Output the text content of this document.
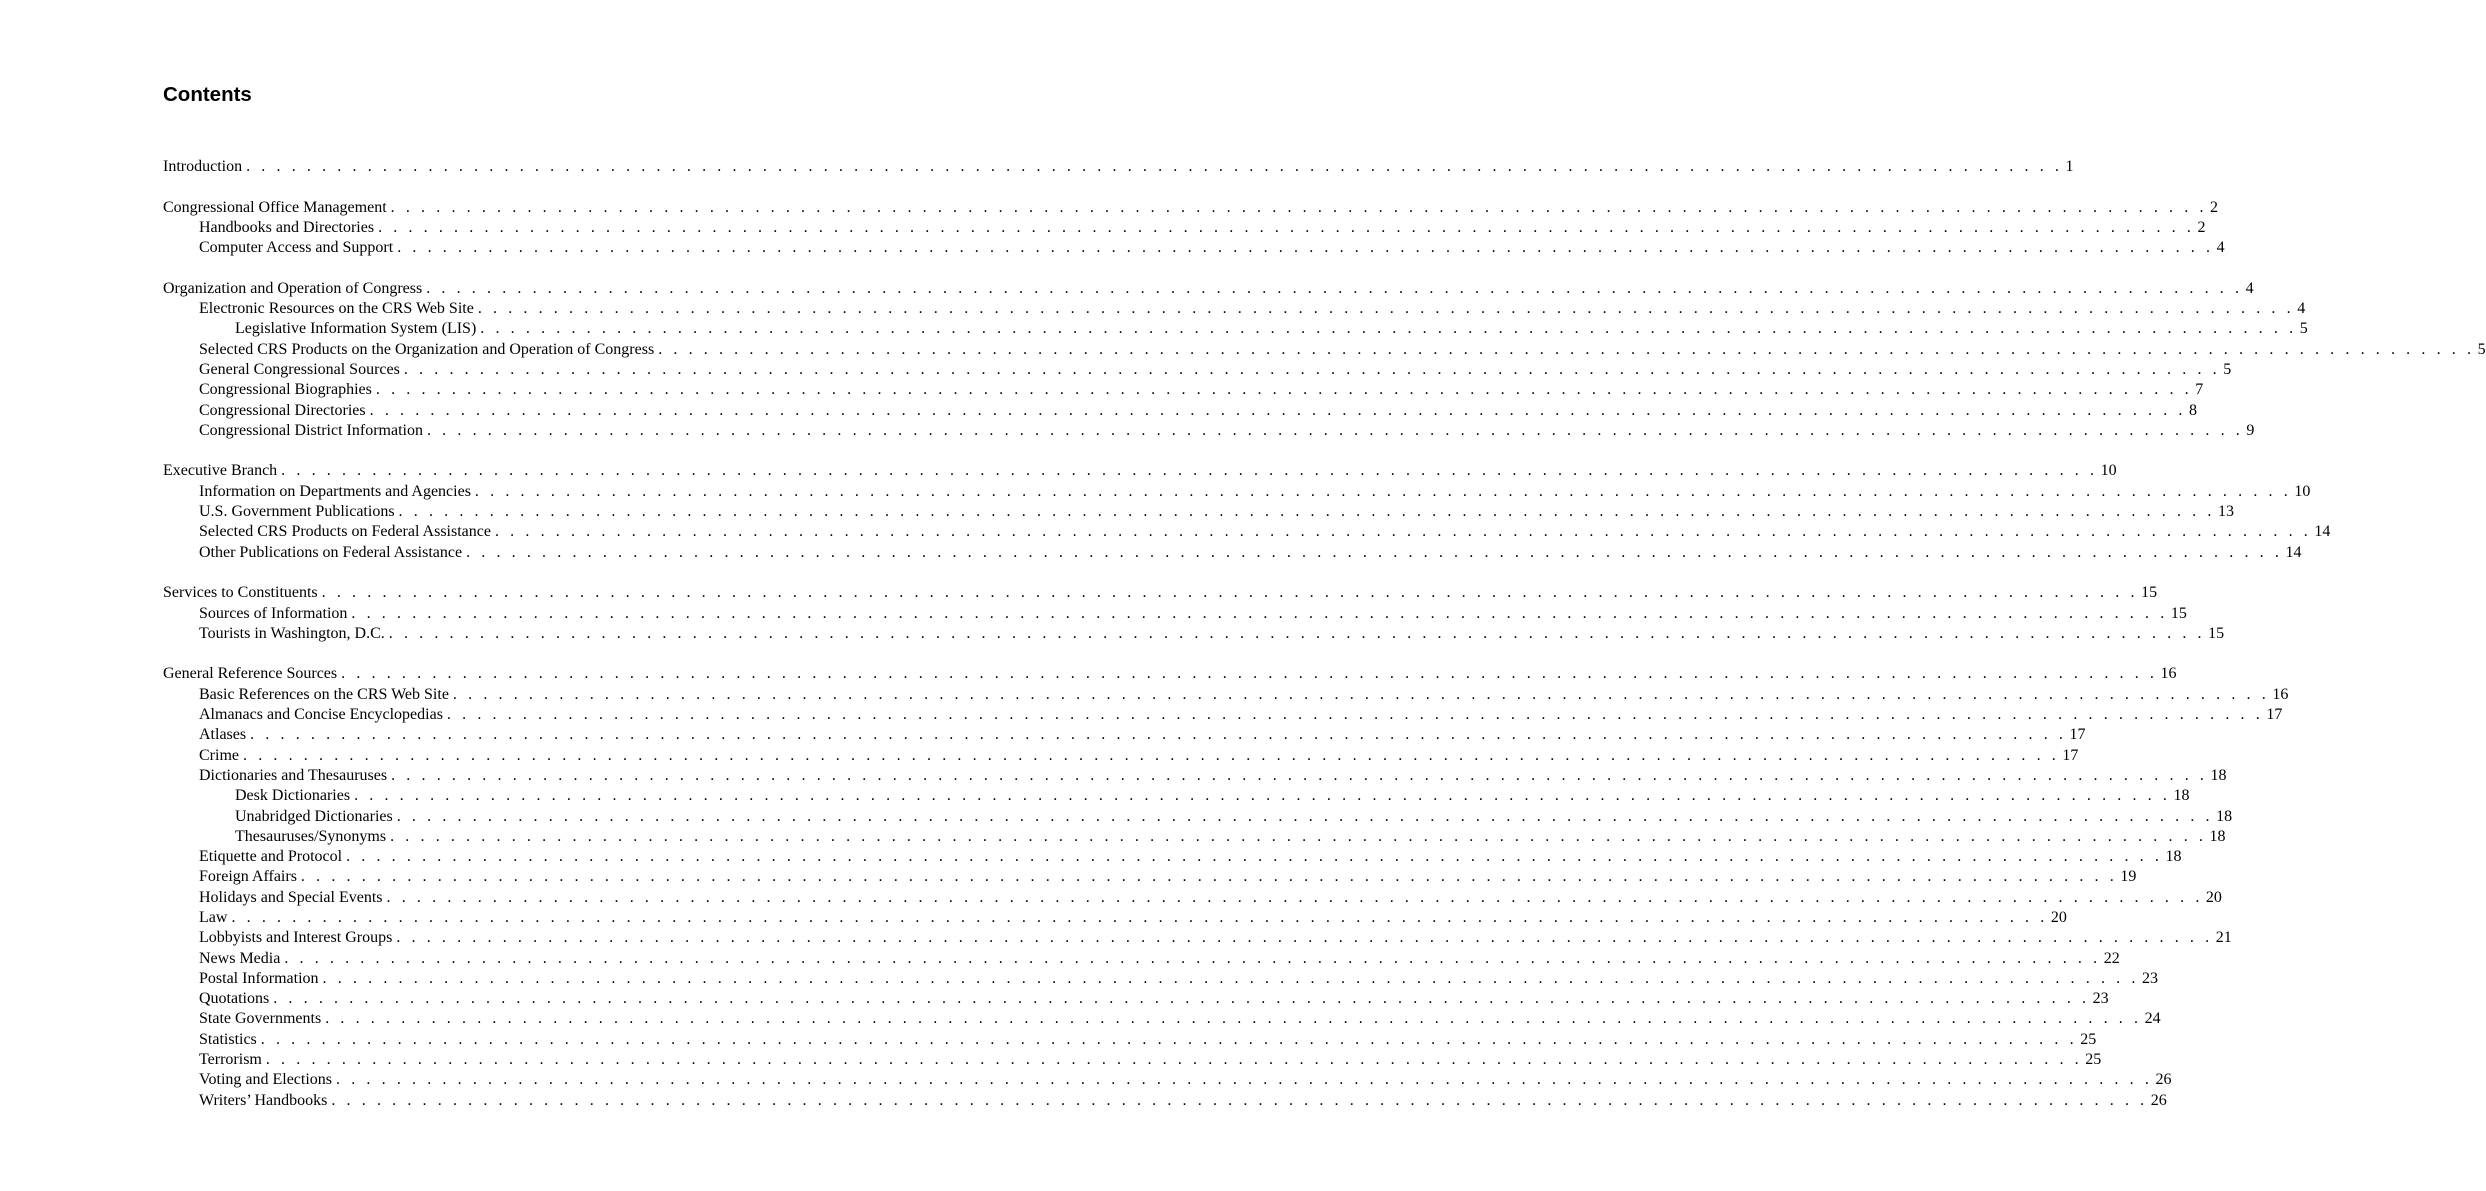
Contents
Introduction . . . . . . . . . . . . . . . . . . . . . . . . . . . . . . . . . . . . . . . . . . . . . . . . . . . . . . . . . . . . . . . . . . . . . . . . . . . . . . . . . . . . . . . . . . . . . . . . . . . . . . . . . . . . . . . . . . . . . . . . 1
Congressional Office Management . . . . . . . . . . . . . . . . . . . . . . . . . . . . . . . . . . . . . . . . . . . . . . . . . . . . . . . . . . . . . . . . . . . . . . . . . . . . . . . . . . . . . . . . . . . . . . . . . . . . . . . . . . . . . . . . . . . . . . . . 2
Handbooks and Directories . . . . . . . . . . . . . . . . . . . . . . . . . . . . . . . . . . . . . . . . . . . . . . . . . . . . . . . . . . . . . . . . . . . . . . . . . . . . . . . . . . . . . . . . . . . . . . . . . . . . . . . . . . . . . . . . . . . . . . . . 2
Computer Access and Support . . . . . . . . . . . . . . . . . . . . . . . . . . . . . . . . . . . . . . . . . . . . . . . . . . . . . . . . . . . . . . . . . . . . . . . . . . . . . . . . . . . . . . . . . . . . . . . . . . . . . . . . . . . . . . . . . . . . . . . . 4
Organization and Operation of Congress . . . . . . . . . . . . . . . . . . . . . . . . . . . . . . . . . . . . . . . . . . . . . . . . . . . . . . . . . . . . . . . . . . . . . . . . . . . . . . . . . . . . . . . . . . . . . . . . . . . . . . . . . . . . . . . . . . . . . . . . 4
Electronic Resources on the CRS Web Site . . . . . . . . . . . . . . . . . . . . . . . . . . . . . . . . . . . . . . . . . . . . . . . . . . . . . . . . . . . . . . . . . . . . . . . . . . . . . . . . . . . . . . . . . . . . . . . . . . . . . . . . . . . . . . . . . . . . . . . . 4
Legislative Information System (LIS) . . . . . . . . . . . . . . . . . . . . . . . . . . . . . . . . . . . . . . . . . . . . . . . . . . . . . . . . . . . . . . . . . . . . . . . . . . . . . . . . . . . . . . . . . . . . . . . . . . . . . . . . . . . . . . . . . . . . . . . . 5
Selected CRS Products on the Organization and Operation of Congress . . . . . . . . . . . . . . . . . . . . . . . . . . . . . . . . . . . . . . . . . . . . . . . . . . . . . . . . . . . . . . . . . . . . . . . . . . . . . . . . . . . . . . . . . . . . . . . . . . . . . . . . . . . . . . . . . . . . . . . . 5
General Congressional Sources . . . . . . . . . . . . . . . . . . . . . . . . . . . . . . . . . . . . . . . . . . . . . . . . . . . . . . . . . . . . . . . . . . . . . . . . . . . . . . . . . . . . . . . . . . . . . . . . . . . . . . . . . . . . . . . . . . . . . . . . 5
Congressional Biographies . . . . . . . . . . . . . . . . . . . . . . . . . . . . . . . . . . . . . . . . . . . . . . . . . . . . . . . . . . . . . . . . . . . . . . . . . . . . . . . . . . . . . . . . . . . . . . . . . . . . . . . . . . . . . . . . . . . . . . . . 7
Congressional Directories . . . . . . . . . . . . . . . . . . . . . . . . . . . . . . . . . . . . . . . . . . . . . . . . . . . . . . . . . . . . . . . . . . . . . . . . . . . . . . . . . . . . . . . . . . . . . . . . . . . . . . . . . . . . . . . . . . . . . . . . 8
Congressional District Information . . . . . . . . . . . . . . . . . . . . . . . . . . . . . . . . . . . . . . . . . . . . . . . . . . . . . . . . . . . . . . . . . . . . . . . . . . . . . . . . . . . . . . . . . . . . . . . . . . . . . . . . . . . . . . . . . . . . . . . . 9
Executive Branch . . . . . . . . . . . . . . . . . . . . . . . . . . . . . . . . . . . . . . . . . . . . . . . . . . . . . . . . . . . . . . . . . . . . . . . . . . . . . . . . . . . . . . . . . . . . . . . . . . . . . . . . . . . . . . . . . . . . . . . . 10
Information on Departments and Agencies . . . . . . . . . . . . . . . . . . . . . . . . . . . . . . . . . . . . . . . . . . . . . . . . . . . . . . . . . . . . . . . . . . . . . . . . . . . . . . . . . . . . . . . . . . . . . . . . . . . . . . . . . . . . . . . . . . . . . . . . 10
U.S. Government Publications . . . . . . . . . . . . . . . . . . . . . . . . . . . . . . . . . . . . . . . . . . . . . . . . . . . . . . . . . . . . . . . . . . . . . . . . . . . . . . . . . . . . . . . . . . . . . . . . . . . . . . . . . . . . . . . . . . . . . . . . 13
Selected CRS Products on Federal Assistance . . . . . . . . . . . . . . . . . . . . . . . . . . . . . . . . . . . . . . . . . . . . . . . . . . . . . . . . . . . . . . . . . . . . . . . . . . . . . . . . . . . . . . . . . . . . . . . . . . . . . . . . . . . . . . . . . . . . . . . . 14
Other Publications on Federal Assistance . . . . . . . . . . . . . . . . . . . . . . . . . . . . . . . . . . . . . . . . . . . . . . . . . . . . . . . . . . . . . . . . . . . . . . . . . . . . . . . . . . . . . . . . . . . . . . . . . . . . . . . . . . . . . . . . . . . . . . . . 14
Services to Constituents . . . . . . . . . . . . . . . . . . . . . . . . . . . . . . . . . . . . . . . . . . . . . . . . . . . . . . . . . . . . . . . . . . . . . . . . . . . . . . . . . . . . . . . . . . . . . . . . . . . . . . . . . . . . . . . . . . . . . . . . 15
Sources of Information . . . . . . . . . . . . . . . . . . . . . . . . . . . . . . . . . . . . . . . . . . . . . . . . . . . . . . . . . . . . . . . . . . . . . . . . . . . . . . . . . . . . . . . . . . . . . . . . . . . . . . . . . . . . . . . . . . . . . . . . 15
Tourists in Washington, D.C. . . . . . . . . . . . . . . . . . . . . . . . . . . . . . . . . . . . . . . . . . . . . . . . . . . . . . . . . . . . . . . . . . . . . . . . . . . . . . . . . . . . . . . . . . . . . . . . . . . . . . . . . . . . . . . . . . . . . . . . . 15
General Reference Sources . . . . . . . . . . . . . . . . . . . . . . . . . . . . . . . . . . . . . . . . . . . . . . . . . . . . . . . . . . . . . . . . . . . . . . . . . . . . . . . . . . . . . . . . . . . . . . . . . . . . . . . . . . . . . . . . . . . . . . . . 16
Basic References on the CRS Web Site . . . . . . . . . . . . . . . . . . . . . . . . . . . . . . . . . . . . . . . . . . . . . . . . . . . . . . . . . . . . . . . . . . . . . . . . . . . . . . . . . . . . . . . . . . . . . . . . . . . . . . . . . . . . . . . . . . . . . . . . 16
Almanacs and Concise Encyclopedias . . . . . . . . . . . . . . . . . . . . . . . . . . . . . . . . . . . . . . . . . . . . . . . . . . . . . . . . . . . . . . . . . . . . . . . . . . . . . . . . . . . . . . . . . . . . . . . . . . . . . . . . . . . . . . . . . . . . . . . . 17
Atlases . . . . . . . . . . . . . . . . . . . . . . . . . . . . . . . . . . . . . . . . . . . . . . . . . . . . . . . . . . . . . . . . . . . . . . . . . . . . . . . . . . . . . . . . . . . . . . . . . . . . . . . . . . . . . . . . . . . . . . . . 17
Crime . . . . . . . . . . . . . . . . . . . . . . . . . . . . . . . . . . . . . . . . . . . . . . . . . . . . . . . . . . . . . . . . . . . . . . . . . . . . . . . . . . . . . . . . . . . . . . . . . . . . . . . . . . . . . . . . . . . . . . . . 17
Dictionaries and Thesauruses . . . . . . . . . . . . . . . . . . . . . . . . . . . . . . . . . . . . . . . . . . . . . . . . . . . . . . . . . . . . . . . . . . . . . . . . . . . . . . . . . . . . . . . . . . . . . . . . . . . . . . . . . . . . . . . . . . . . . . . . 18
Desk Dictionaries . . . . . . . . . . . . . . . . . . . . . . . . . . . . . . . . . . . . . . . . . . . . . . . . . . . . . . . . . . . . . . . . . . . . . . . . . . . . . . . . . . . . . . . . . . . . . . . . . . . . . . . . . . . . . . . . . . . . . . . . 18
Unabridged Dictionaries . . . . . . . . . . . . . . . . . . . . . . . . . . . . . . . . . . . . . . . . . . . . . . . . . . . . . . . . . . . . . . . . . . . . . . . . . . . . . . . . . . . . . . . . . . . . . . . . . . . . . . . . . . . . . . . . . . . . . . . . 18
Thesauruses/Synonyms . . . . . . . . . . . . . . . . . . . . . . . . . . . . . . . . . . . . . . . . . . . . . . . . . . . . . . . . . . . . . . . . . . . . . . . . . . . . . . . . . . . . . . . . . . . . . . . . . . . . . . . . . . . . . . . . . . . . . . . . 18
Etiquette and Protocol . . . . . . . . . . . . . . . . . . . . . . . . . . . . . . . . . . . . . . . . . . . . . . . . . . . . . . . . . . . . . . . . . . . . . . . . . . . . . . . . . . . . . . . . . . . . . . . . . . . . . . . . . . . . . . . . . . . . . . . . 18
Foreign Affairs . . . . . . . . . . . . . . . . . . . . . . . . . . . . . . . . . . . . . . . . . . . . . . . . . . . . . . . . . . . . . . . . . . . . . . . . . . . . . . . . . . . . . . . . . . . . . . . . . . . . . . . . . . . . . . . . . . . . . . . . 19
Holidays and Special Events . . . . . . . . . . . . . . . . . . . . . . . . . . . . . . . . . . . . . . . . . . . . . . . . . . . . . . . . . . . . . . . . . . . . . . . . . . . . . . . . . . . . . . . . . . . . . . . . . . . . . . . . . . . . . . . . . . . . . . . . 20
Law . . . . . . . . . . . . . . . . . . . . . . . . . . . . . . . . . . . . . . . . . . . . . . . . . . . . . . . . . . . . . . . . . . . . . . . . . . . . . . . . . . . . . . . . . . . . . . . . . . . . . . . . . . . . . . . . . . . . . . . . 20
Lobbyists and Interest Groups . . . . . . . . . . . . . . . . . . . . . . . . . . . . . . . . . . . . . . . . . . . . . . . . . . . . . . . . . . . . . . . . . . . . . . . . . . . . . . . . . . . . . . . . . . . . . . . . . . . . . . . . . . . . . . . . . . . . . . . . 21
News Media . . . . . . . . . . . . . . . . . . . . . . . . . . . . . . . . . . . . . . . . . . . . . . . . . . . . . . . . . . . . . . . . . . . . . . . . . . . . . . . . . . . . . . . . . . . . . . . . . . . . . . . . . . . . . . . . . . . . . . . . 22
Postal Information . . . . . . . . . . . . . . . . . . . . . . . . . . . . . . . . . . . . . . . . . . . . . . . . . . . . . . . . . . . . . . . . . . . . . . . . . . . . . . . . . . . . . . . . . . . . . . . . . . . . . . . . . . . . . . . . . . . . . . . . 23
Quotations . . . . . . . . . . . . . . . . . . . . . . . . . . . . . . . . . . . . . . . . . . . . . . . . . . . . . . . . . . . . . . . . . . . . . . . . . . . . . . . . . . . . . . . . . . . . . . . . . . . . . . . . . . . . . . . . . . . . . . . . 23
State Governments . . . . . . . . . . . . . . . . . . . . . . . . . . . . . . . . . . . . . . . . . . . . . . . . . . . . . . . . . . . . . . . . . . . . . . . . . . . . . . . . . . . . . . . . . . . . . . . . . . . . . . . . . . . . . . . . . . . . . . . . 24
Statistics . . . . . . . . . . . . . . . . . . . . . . . . . . . . . . . . . . . . . . . . . . . . . . . . . . . . . . . . . . . . . . . . . . . . . . . . . . . . . . . . . . . . . . . . . . . . . . . . . . . . . . . . . . . . . . . . . . . . . . . . 25
Terrorism . . . . . . . . . . . . . . . . . . . . . . . . . . . . . . . . . . . . . . . . . . . . . . . . . . . . . . . . . . . . . . . . . . . . . . . . . . . . . . . . . . . . . . . . . . . . . . . . . . . . . . . . . . . . . . . . . . . . . . . . 25
Voting and Elections . . . . . . . . . . . . . . . . . . . . . . . . . . . . . . . . . . . . . . . . . . . . . . . . . . . . . . . . . . . . . . . . . . . . . . . . . . . . . . . . . . . . . . . . . . . . . . . . . . . . . . . . . . . . . . . . . . . . . . . . 26
Writers’ Handbooks . . . . . . . . . . . . . . . . . . . . . . . . . . . . . . . . . . . . . . . . . . . . . . . . . . . . . . . . . . . . . . . . . . . . . . . . . . . . . . . . . . . . . . . . . . . . . . . . . . . . . . . . . . . . . . . . . . . . . . . . 26
